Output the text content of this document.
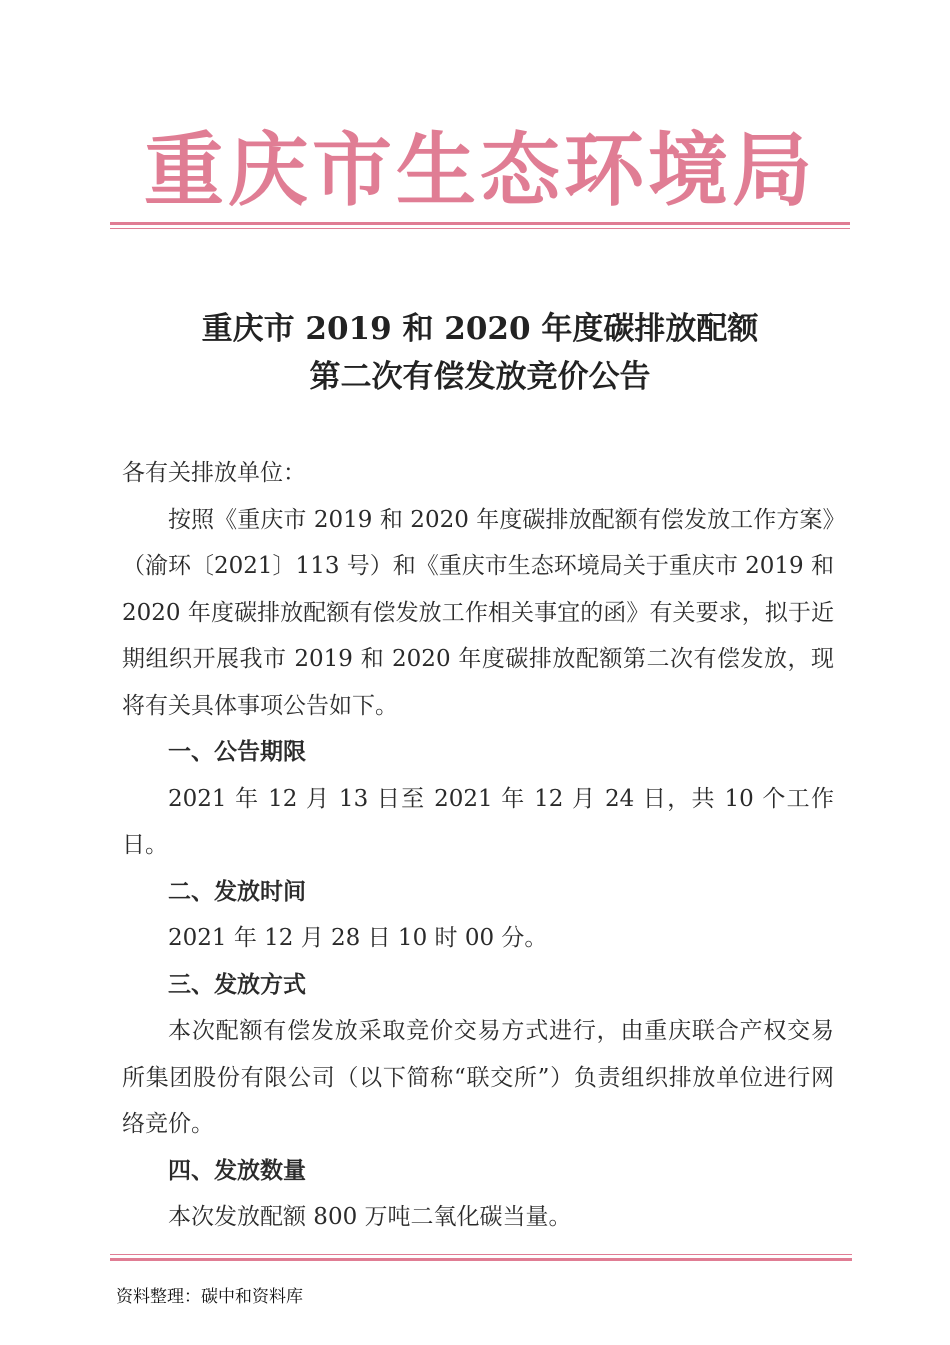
重庆市生态环境局
重庆市 2019 和 2020 年度碳排放配额
第二次有偿发放竞价公告

各有关排放单位：

按照《重庆市 2019 和 2020 年度碳排放配额有偿发放工作方案》（渝环〔2021〕113 号）和《重庆市生态环境局关于重庆市 2019 和 2020 年度碳排放配额有偿发放工作相关事宜的函》有关要求，拟于近期组织开展我市 2019 和 2020 年度碳排放配额第二次有偿发放，现将有关具体事项公告如下。

一、公告期限

2021 年 12 月 13 日至 2021 年 12 月 24 日，共 10 个工作日。

二、发放时间

2021 年 12 月 28 日 10 时 00 分。

三、发放方式

本次配额有偿发放采取竞价交易方式进行，由重庆联合产权交易所集团股份有限公司（以下简称“联交所”）负责组织排放单位进行网络竞价。

四、发放数量

本次发放配额 800 万吨二氧化碳当量。

资料整理：碳中和资料库
